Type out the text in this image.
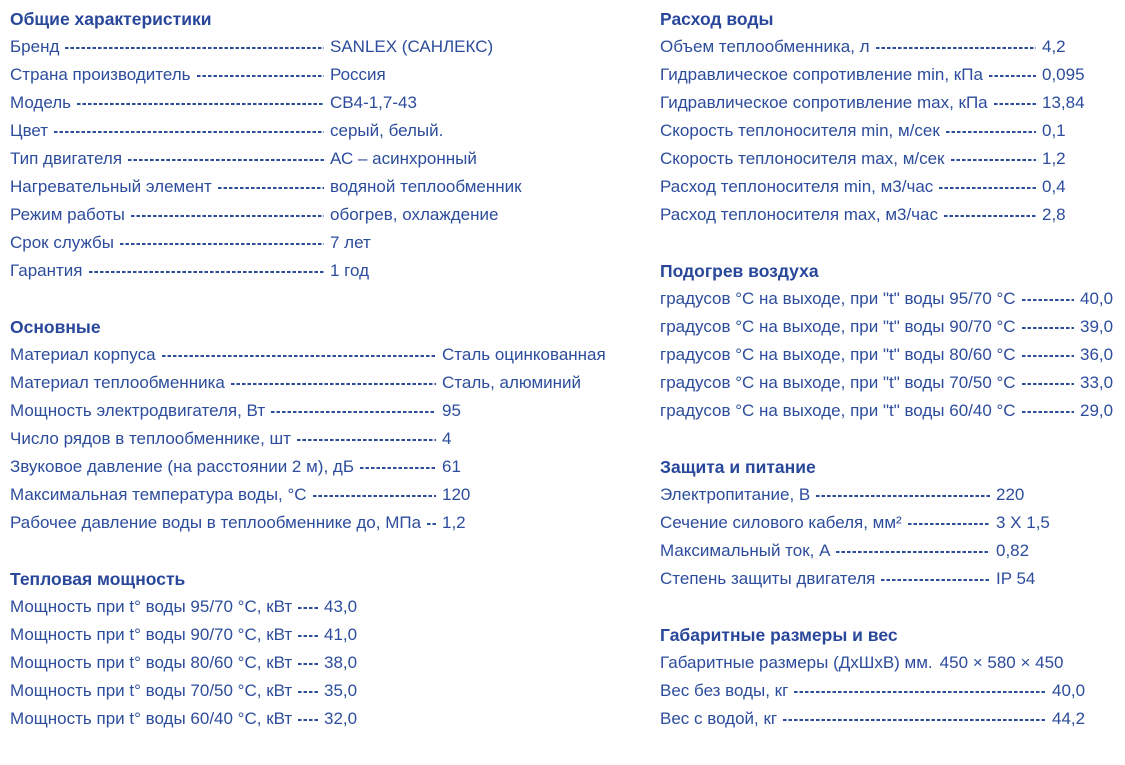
Общие характеристики
Бренд	SANLEX (САНЛЕКС)
Страна производитель	Россия
Модель	СВ4-1,7-43
Цвет	серый, белый.
Тип двигателя	АС – асинхронный
Нагревательный элемент	водяной теплообменник
Режим работы	обогрев, охлаждение
Срок службы	7 лет
Гарантия	1 год
Основные
Материал корпуса	Сталь оцинкованная
Материал теплообменника	Сталь, алюминий
Мощность электродвигателя, Вт	95
Число рядов в теплообменнике, шт	4
Звуковое давление (на расстоянии 2 м), дБ	61
Максимальная температура воды, °С	120
Рабочее давление воды в теплообменнике до, МПа 1,2
Тепловая мощность
Мощность при t° воды 95/70 °С, кВт 43,0
Мощность при t° воды 90/70 °С, кВт 41,0
Мощность при t° воды 80/60 °С, кВт 38,0
Мощность при t° воды 70/50 °С, кВт 35,0
Мощность при t° воды 60/40 °С, кВт 32,0
Расход воды
Объем теплообменника, л	4,2
Гидравлическое сопротивление min, кПа	0,095
Гидравлическое сопротивление max, кПа	13,84
Скорость теплоносителя min, м/сек	0,1
Скорость теплоносителя max, м/сек	1,2
Расход теплоносителя min, м3/час	0,4
Расход теплоносителя max, м3/час	2,8
Подогрев воздуха
градусов °С на выходе, при "t" воды 95/70 °С	40,0
градусов °С на выходе, при "t" воды 90/70 °С	39,0
градусов °С на выходе, при "t" воды 80/60 °С	36,0
градусов °С на выходе, при "t" воды 70/50 °С	33,0
градусов °С на выходе, при "t" воды 60/40 °С	29,0
Защита и питание
Электропитание, В	220
Сечение силового кабеля, мм²	3 Х 1,5
Максимальный ток, А	0,82
Степень защиты двигателя	IP 54
Габаритные размеры и вес
Габаритные размеры (ДхШхВ) мм. 450 × 580 × 450
Вес без воды, кг	40,0
Вес с водой, кг	44,2
